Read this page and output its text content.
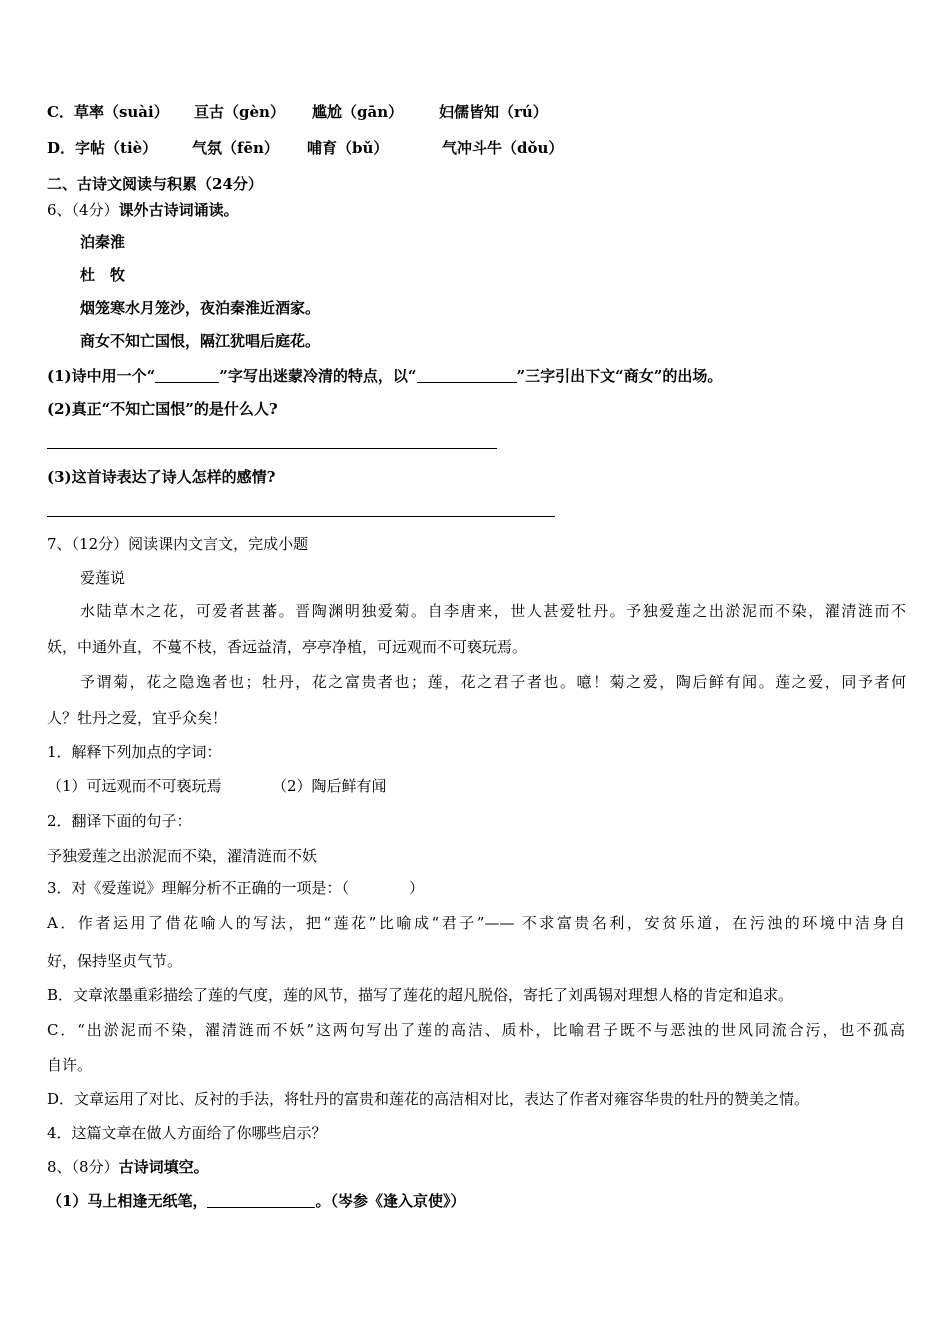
C．草率（suài） 亘古（gèn） 尴尬（gān） 妇儒皆知（rú）
D．字帖（tiè） 气氛（fēn） 哺育（bǔ）	气冲斗牛（dǒu）
二、古诗文阅读与积累（24分）
6、（4分）课外古诗词诵读。
泊秦淮
杜　牧
烟笼寒水月笼沙，夜泊秦淮近酒家。
商女不知亡国恨，隔江犹唱后庭花。
(1)诗中用一个“	”字写出迷蒙冷清的特点，以“	”三字引出下文“商女”的出场。
(2)真正“不知亡国恨”的是什么人?
(3)这首诗表达了诗人怎样的感情?
7、（12分）阅读课内文言文，完成小题
爱莲说
水陆草木之花，可爱者甚蕃。晋陶渊明独爱菊。自李唐来，世人甚爱牡丹。予独爱莲之出淤泥而不染，濯清涟而不
妖，中通外直，不蔓不枝，香远益清，亭亭净植，可远观而不可亵玩焉。
予谓菊，花之隐逸者也；牡丹，花之富贵者也；莲，花之君子者也。噫！菊之爱，陶后鲜有闻。莲之爱，同予者何
人？牡丹之爱，宜乎众矣！
1．解释下列加点的字词：
（1）可远观而不可亵玩焉	（2）陶后鲜有闻
2．翻译下面的句子：
予独爱莲之出淤泥而不染，濯清涟而不妖
3．对《爱莲说》理解分析不正确的一项是：（　　　　）
A．作者运用了借花喻人的写法，把“莲花”比喻成“君子”—— 不求富贵名利，安贫乐道，在污浊的环境中洁身自
好，保持坚贞气节。
B．文章浓墨重彩描绘了莲的气度，莲的风节，描写了莲花的超凡脱俗，寄托了刘禹锡对理想人格的肯定和追求。
C．“出淤泥而不染，濯清涟而不妖”这两句写出了莲的高洁、质朴，比喻君子既不与恶浊的世风同流合污，也不孤高
自许。
D．文章运用了对比、反衬的手法，将牡丹的富贵和莲花的高洁相对比，表达了作者对雍容华贵的牡丹的赞美之情。
4．这篇文章在做人方面给了你哪些启示？
8、（8分）古诗词填空。
（1）马上相逢无纸笔，	。（岑参《逢入京使》）
